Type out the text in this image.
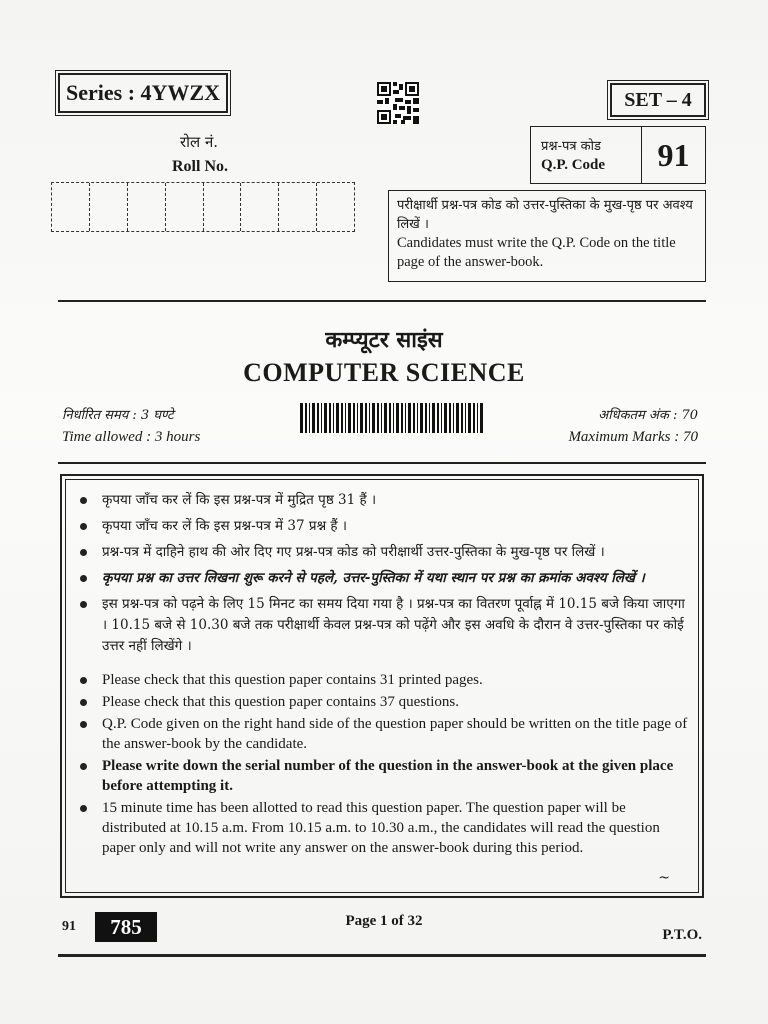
Series : 4YWZX	SET – 4
रोल नं.
Roll No.
प्रश्न-पत्र कोड
Q.P. Code	91
परीक्षार्थी प्रश्न-पत्र कोड को उत्तर-पुस्तिका के मुख-पृष्ठ पर अवश्य लिखें ।
Candidates must write the Q.P. Code on the title page of the answer-book.
कम्प्यूटर साइंस
COMPUTER SCIENCE
निर्धारित समय : 3 घण्टे
Time allowed : 3 hours
अधिकतम अंक : 70
Maximum Marks : 70
कृपया जाँच कर लें कि इस प्रश्न-पत्र में मुद्रित पृष्ठ 31 हैं ।
कृपया जाँच कर लें कि इस प्रश्न-पत्र में 37 प्रश्न हैं ।
प्रश्न-पत्र में दाहिने हाथ की ओर दिए गए प्रश्न-पत्र कोड को परीक्षार्थी उत्तर-पुस्तिका के मुख-पृष्ठ पर लिखें ।
कृपया प्रश्न का उत्तर लिखना शुरू करने से पहले, उत्तर-पुस्तिका में यथा स्थान पर प्रश्न का क्रमांक अवश्य लिखें ।
इस प्रश्न-पत्र को पढ़ने के लिए 15 मिनट का समय दिया गया है । प्रश्न-पत्र का वितरण पूर्वाह्न में 10.15 बजे किया जाएगा । 10.15 बजे से 10.30 बजे तक परीक्षार्थी केवल प्रश्न-पत्र को पढ़ेंगे और इस अवधि के दौरान वे उत्तर-पुस्तिका पर कोई उत्तर नहीं लिखेंगे ।
Please check that this question paper contains 31 printed pages.
Please check that this question paper contains 37 questions.
Q.P. Code given on the right hand side of the question paper should be written on the title page of the answer-book by the candidate.
Please write down the serial number of the question in the answer-book at the given place before attempting it.
15 minute time has been allotted to read this question paper. The question paper will be distributed at 10.15 a.m. From 10.15 a.m. to 10.30 a.m., the candidates will read the question paper only and will not write any answer on the answer-book during this period.
~
91	785	Page 1 of 32
P.T.O.
